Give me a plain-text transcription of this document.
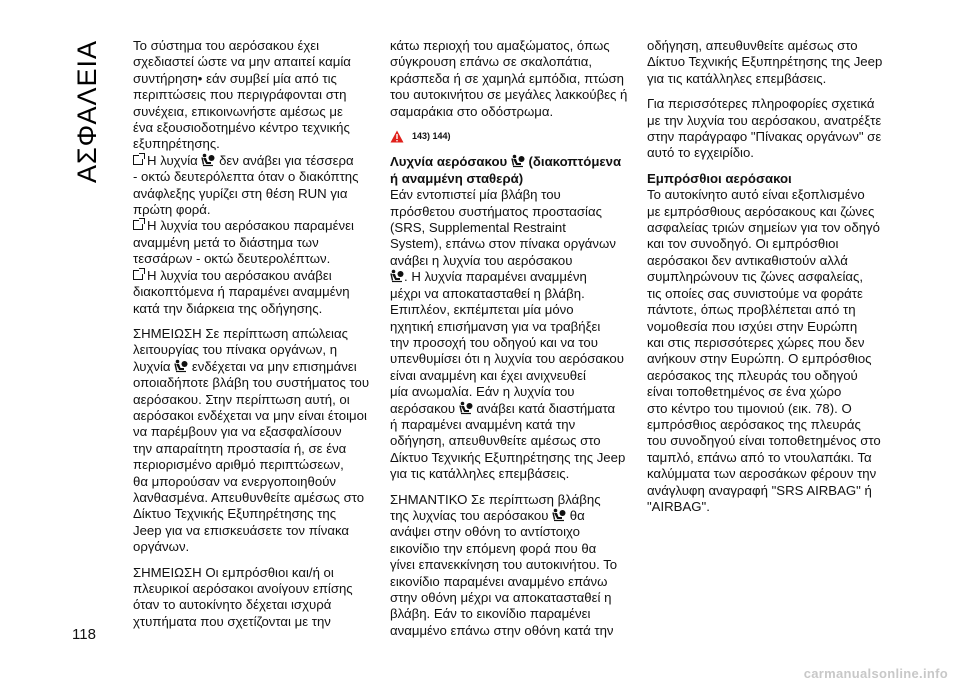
ΑΣΦΑΛΕΙΑ
118

Το σύστημα του αερόσακου έχει
σχεδιαστεί ώστε να μην απαιτεί καμία
συντήρηση• εάν συμβεί μία από τις
περιπτώσεις που περιγράφονται στη
συνέχεια, επικοινωνήστε αμέσως με
ένα εξουσιοδοτημένο κέντρο τεχνικής
εξυπηρέτησης.

Η λυχνία  δεν ανάβει για τέσσερα
- οκτώ δευτερόλεπτα όταν ο διακόπτης
ανάφλεξης γυρίζει στη θέση RUN για
πρώτη φορά.

Η λυχνία του αερόσακου παραμένει
αναμμένη μετά το διάστημα των
τεσσάρων - οκτώ δευτερολέπτων.

Η λυχνία του αερόσακου ανάβει
διακοπτόμενα ή παραμένει αναμμένη
κατά την διάρκεια της οδήγησης.

ΣΗΜΕΙΩΣΗ Σε περίπτωση απώλειας
λειτουργίας του πίνακα οργάνων, η
λυχνία  ενδέχεται να μην επισημάνει
οποιαδήποτε βλάβη του συστήματος του
αερόσακου. Στην περίπτωση αυτή, οι
αερόσακοι ενδέχεται να μην είναι έτοιμοι
να παρέμβουν για να εξασφαλίσουν
την απαραίτητη προστασία ή, σε ένα
περιορισμένο αριθμό περιπτώσεων,
θα μπορούσαν να ενεργοποιηθούν
λανθασμένα. Απευθυνθείτε αμέσως στο
Δίκτυο Τεχνικής Εξυπηρέτησης της
Jeep για να επισκευάσετε τον πίνακα
οργάνων.

ΣΗΜΕΙΩΣΗ Οι εμπρόσθιοι και/ή οι
πλευρικοί αερόσακοι ανοίγουν επίσης
όταν το αυτοκίνητο δέχεται ισχυρά
χτυπήματα που σχετίζονται με την

κάτω περιοχή του αμαξώματος, όπως
σύγκρουση επάνω σε σκαλοπάτια,
κράσπεδα ή σε χαμηλά εμπόδια, πτώση
του αυτοκινήτου σε μεγάλες λακκούβες ή
σαμαράκια στο οδόστρωμα.

143) 144)

Λυχνία αερόσακου  (διακοπτόμενα
ή αναμμένη σταθερά)

Εάν εντοπιστεί μία βλάβη του
πρόσθετου συστήματος προστασίας
(SRS, Supplemental Restraint
System), επάνω στον πίνακα οργάνων
ανάβει η λυχνία του αερόσακου
. Η λυχνία παραμένει αναμμένη
μέχρι να αποκατασταθεί η βλάβη.
Επιπλέον, εκπέμπεται μία μόνο
ηχητική επισήμανση για να τραβήξει
την προσοχή του οδηγού και να του
υπενθυμίσει ότι η λυχνία του αερόσακου
είναι αναμμένη και έχει ανιχνευθεί
μία ανωμαλία. Εάν η λυχνία του
αερόσακου  ανάβει κατά διαστήματα
ή παραμένει αναμμένη κατά την
οδήγηση, απευθυνθείτε αμέσως στο
Δίκτυο Τεχνικής Εξυπηρέτησης της Jeep
για τις κατάλληλες επεμβάσεις.

ΣΗΜΑΝΤΙΚΟ Σε περίπτωση βλάβης
της λυχνίας του αερόσακου  θα
ανάψει στην οθόνη το αντίστοιχο
εικονίδιο την επόμενη φορά που θα
γίνει επανεκκίνηση του αυτοκινήτου. Το
εικονίδιο παραμένει αναμμένο επάνω
στην οθόνη μέχρι να αποκατασταθεί η
βλάβη. Εάν το εικονίδιο παραμένει
αναμμένο επάνω στην οθόνη κατά την

οδήγηση, απευθυνθείτε αμέσως στο
Δίκτυο Τεχνικής Εξυπηρέτησης της Jeep
για τις κατάλληλες επεμβάσεις.

Για περισσότερες πληροφορίες σχετικά
με την λυχνία του αερόσακου, ανατρέξτε
στην παράγραφο "Πίνακας οργάνων" σε
αυτό το εγχειρίδιο.

Εμπρόσθιοι αερόσακοι

Το αυτοκίνητο αυτό είναι εξοπλισμένο
με εμπρόσθιους αερόσακους και ζώνες
ασφαλείας τριών σημείων για τον οδηγό
και τον συνοδηγό. Οι εμπρόσθιοι
αερόσακοι δεν αντικαθιστούν αλλά
συμπληρώνουν τις ζώνες ασφαλείας,
τις οποίες σας συνιστούμε να φοράτε
πάντοτε, όπως προβλέπεται από τη
νομοθεσία που ισχύει στην Ευρώπη
και στις περισσότερες χώρες που δεν
ανήκουν στην Ευρώπη. Ο εμπρόσθιος
αερόσακος της πλευράς του οδηγού
είναι τοποθετημένος σε ένα χώρο
στο κέντρο του τιμονιού (εικ. 78). Ο
εμπρόσθιος αερόσακος της πλευράς
του συνοδηγού είναι τοποθετημένος στο
ταμπλό, επάνω από το ντουλαπάκι. Τα
καλύμματα των αεροσάκων φέρουν την
ανάγλυφη αναγραφή "SRS AIRBAG" ή
"AIRBAG".

carmanualsonline.info
